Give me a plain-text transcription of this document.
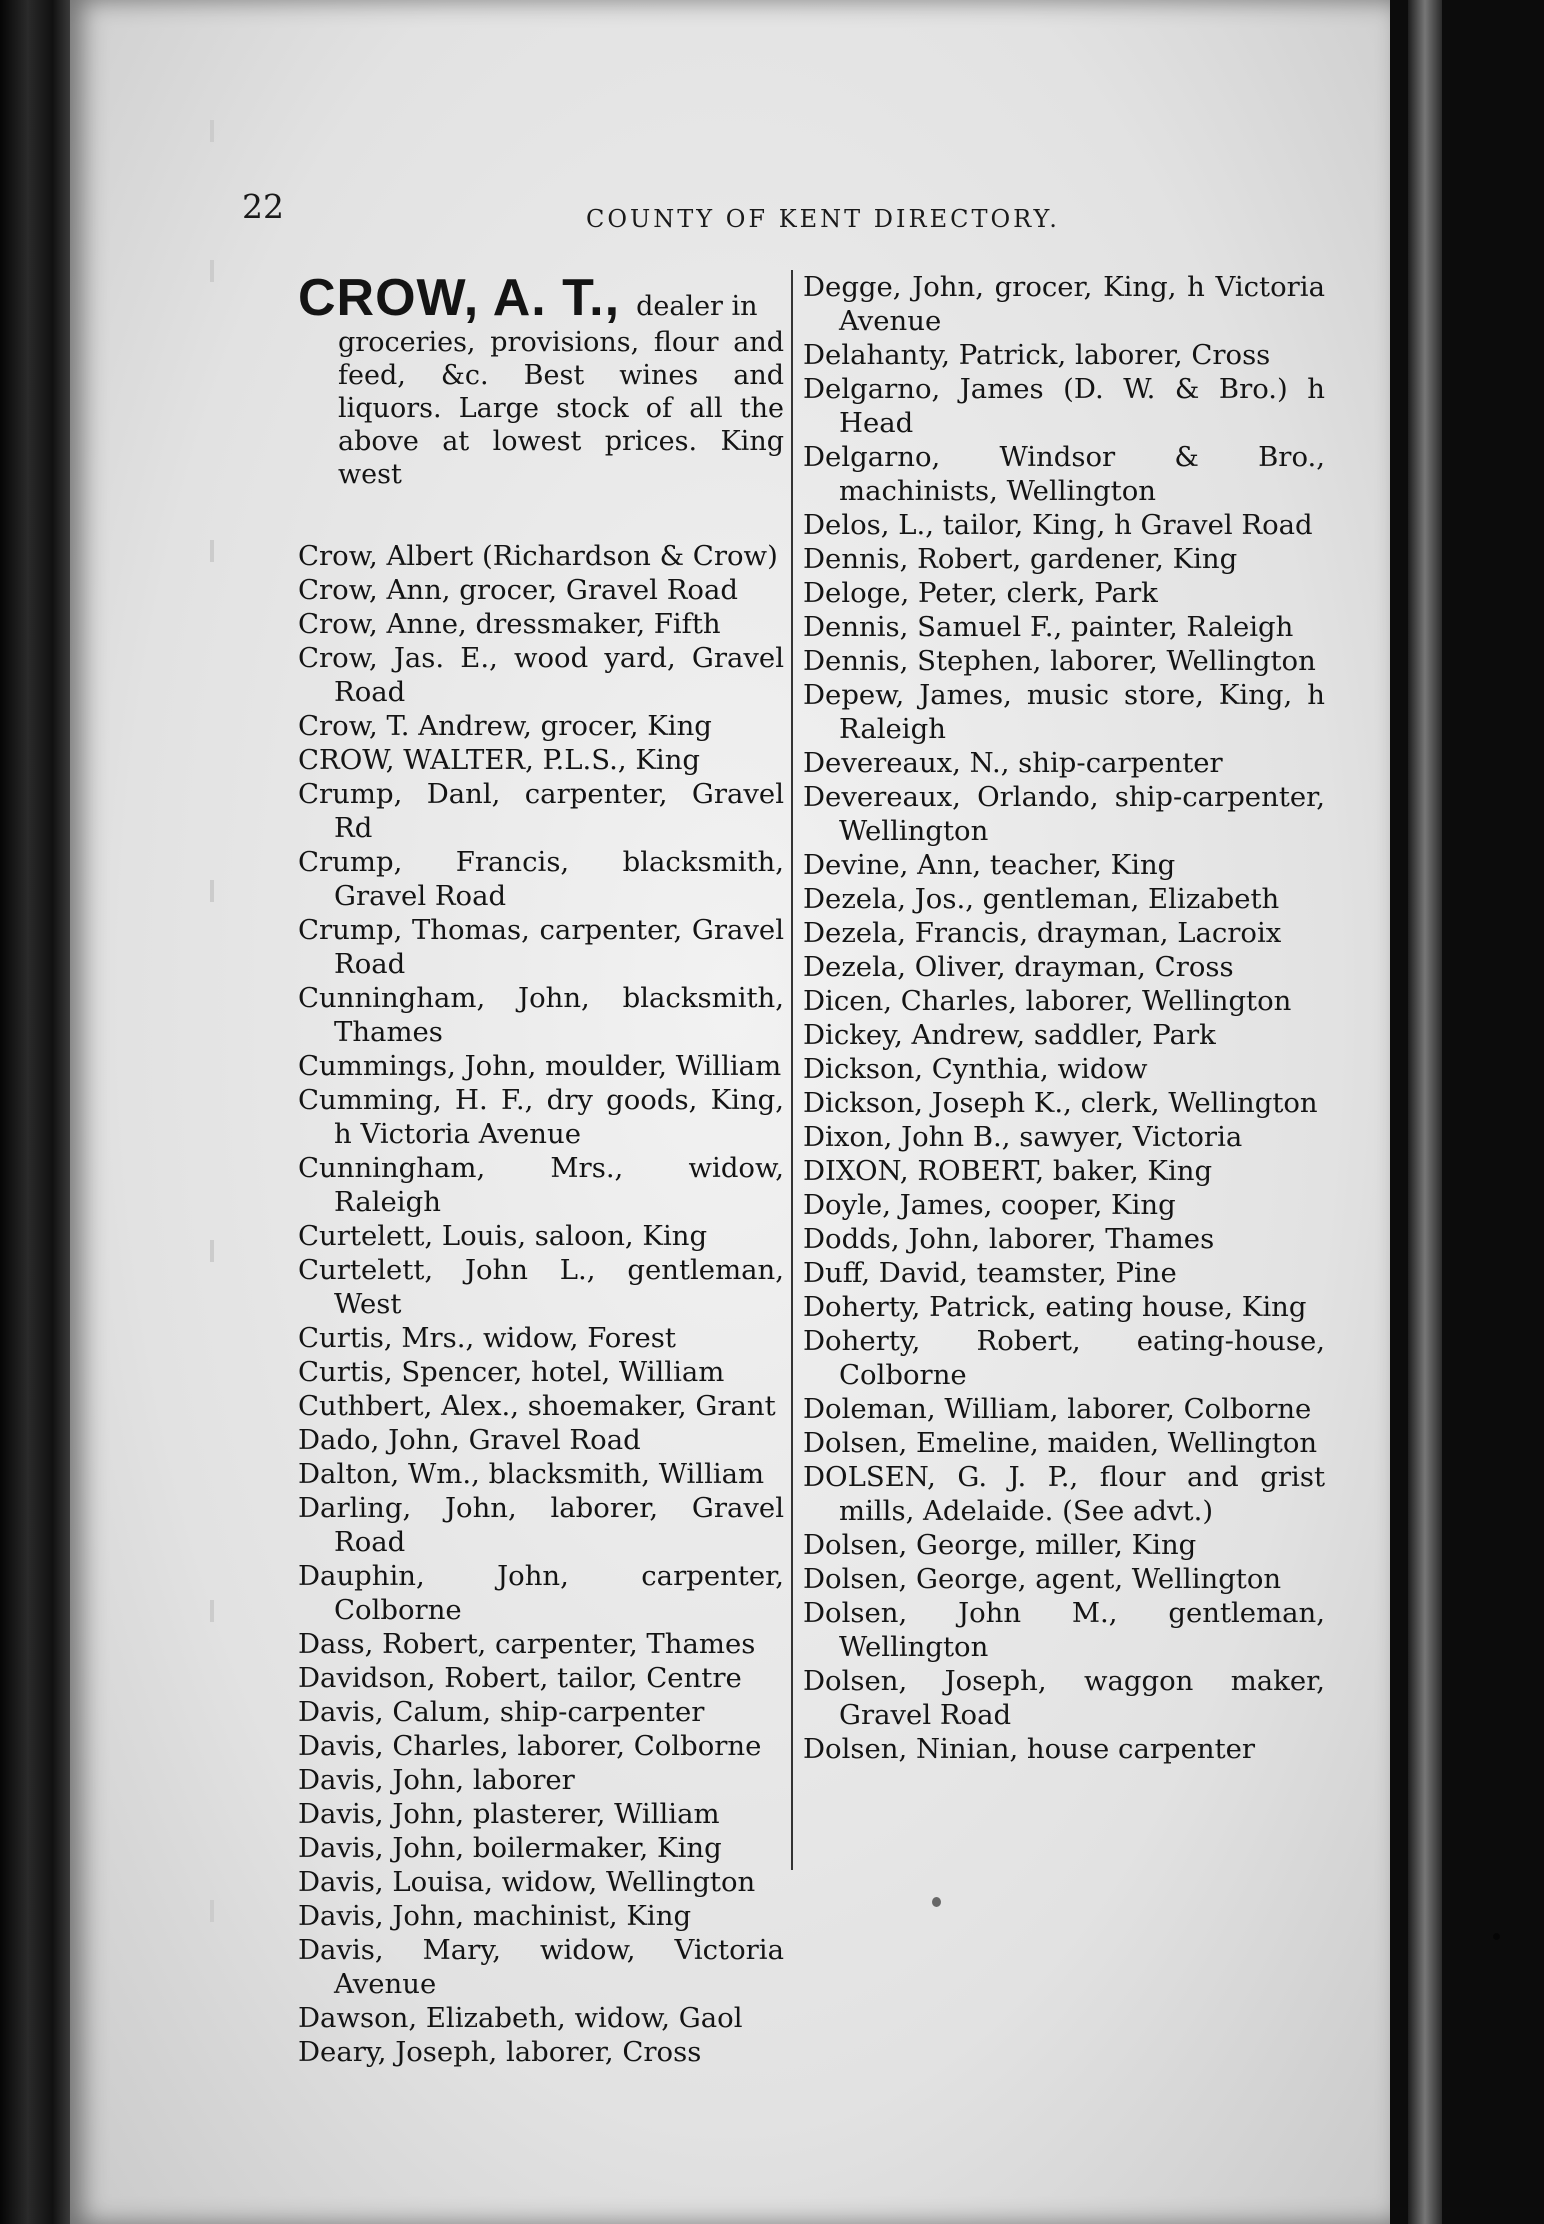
22	COUNTY OF KENT DIRECTORY.
CROW, A. T., dealer in
groceries, provisions, flour and feed, &c. Best wines and liquors. Large stock of all the above at lowest prices. King west

Crow, Albert (Richardson & Crow)

Crow, Ann, grocer, Gravel Road

Crow, Anne, dressmaker, Fifth

Crow, Jas. E., wood yard, Gravel Road

Crow, T. Andrew, grocer, King

CROW, WALTER, P.L.S., King

Crump, Danl, carpenter, Gravel Rd

Crump, Francis, blacksmith, Gravel Road

Crump, Thomas, carpenter, Gravel Road

Cunningham, John, blacksmith, Thames

Cummings, John, moulder, William

Cumming, H. F., dry goods, King, h Victoria Avenue

Cunningham, Mrs., widow, Raleigh

Curtelett, Louis, saloon, King

Curtelett, John L., gentleman, West

Curtis, Mrs., widow, Forest

Curtis, Spencer, hotel, William

Cuthbert, Alex., shoemaker, Grant

Dado, John, Gravel Road

Dalton, Wm., blacksmith, William

Darling, John, laborer, Gravel Road

Dauphin, John, carpenter, Colborne

Dass, Robert, carpenter, Thames

Davidson, Robert, tailor, Centre

Davis, Calum, ship-carpenter

Davis, Charles, laborer, Colborne

Davis, John, laborer

Davis, John, plasterer, William

Davis, John, boilermaker, King

Davis, Louisa, widow, Wellington

Davis, John, machinist, King

Davis, Mary, widow, Victoria Avenue

Dawson, Elizabeth, widow, Gaol

Deary, Joseph, laborer, Cross

Degge, John, grocer, King, h Victoria Avenue

Delahanty, Patrick, laborer, Cross

Delgarno, James (D. W. & Bro.) h Head

Delgarno, Windsor & Bro., machinists, Wellington

Delos, L., tailor, King, h Gravel Road

Dennis, Robert, gardener, King

Deloge, Peter, clerk, Park

Dennis, Samuel F., painter, Raleigh

Dennis, Stephen, laborer, Wellington

Depew, James, music store, King, h Raleigh

Devereaux, N., ship-carpenter

Devereaux, Orlando, ship-carpenter, Wellington

Devine, Ann, teacher, King

Dezela, Jos., gentleman, Elizabeth

Dezela, Francis, drayman, Lacroix

Dezela, Oliver, drayman, Cross

Dicen, Charles, laborer, Wellington

Dickey, Andrew, saddler, Park

Dickson, Cynthia, widow

Dickson, Joseph K., clerk, Wellington

Dixon, John B., sawyer, Victoria

DIXON, ROBERT, baker, King

Doyle, James, cooper, King

Dodds, John, laborer, Thames

Duff, David, teamster, Pine

Doherty, Patrick, eating house, King

Doherty, Robert, eating-house, Colborne

Doleman, William, laborer, Colborne

Dolsen, Emeline, maiden, Wellington

DOLSEN, G. J. P., flour and grist mills, Adelaide. (See advt.)

Dolsen, George, miller, King

Dolsen, George, agent, Wellington

Dolsen, John M., gentleman, Wellington

Dolsen, Joseph, waggon maker, Gravel Road

Dolsen, Ninian, house carpenter
